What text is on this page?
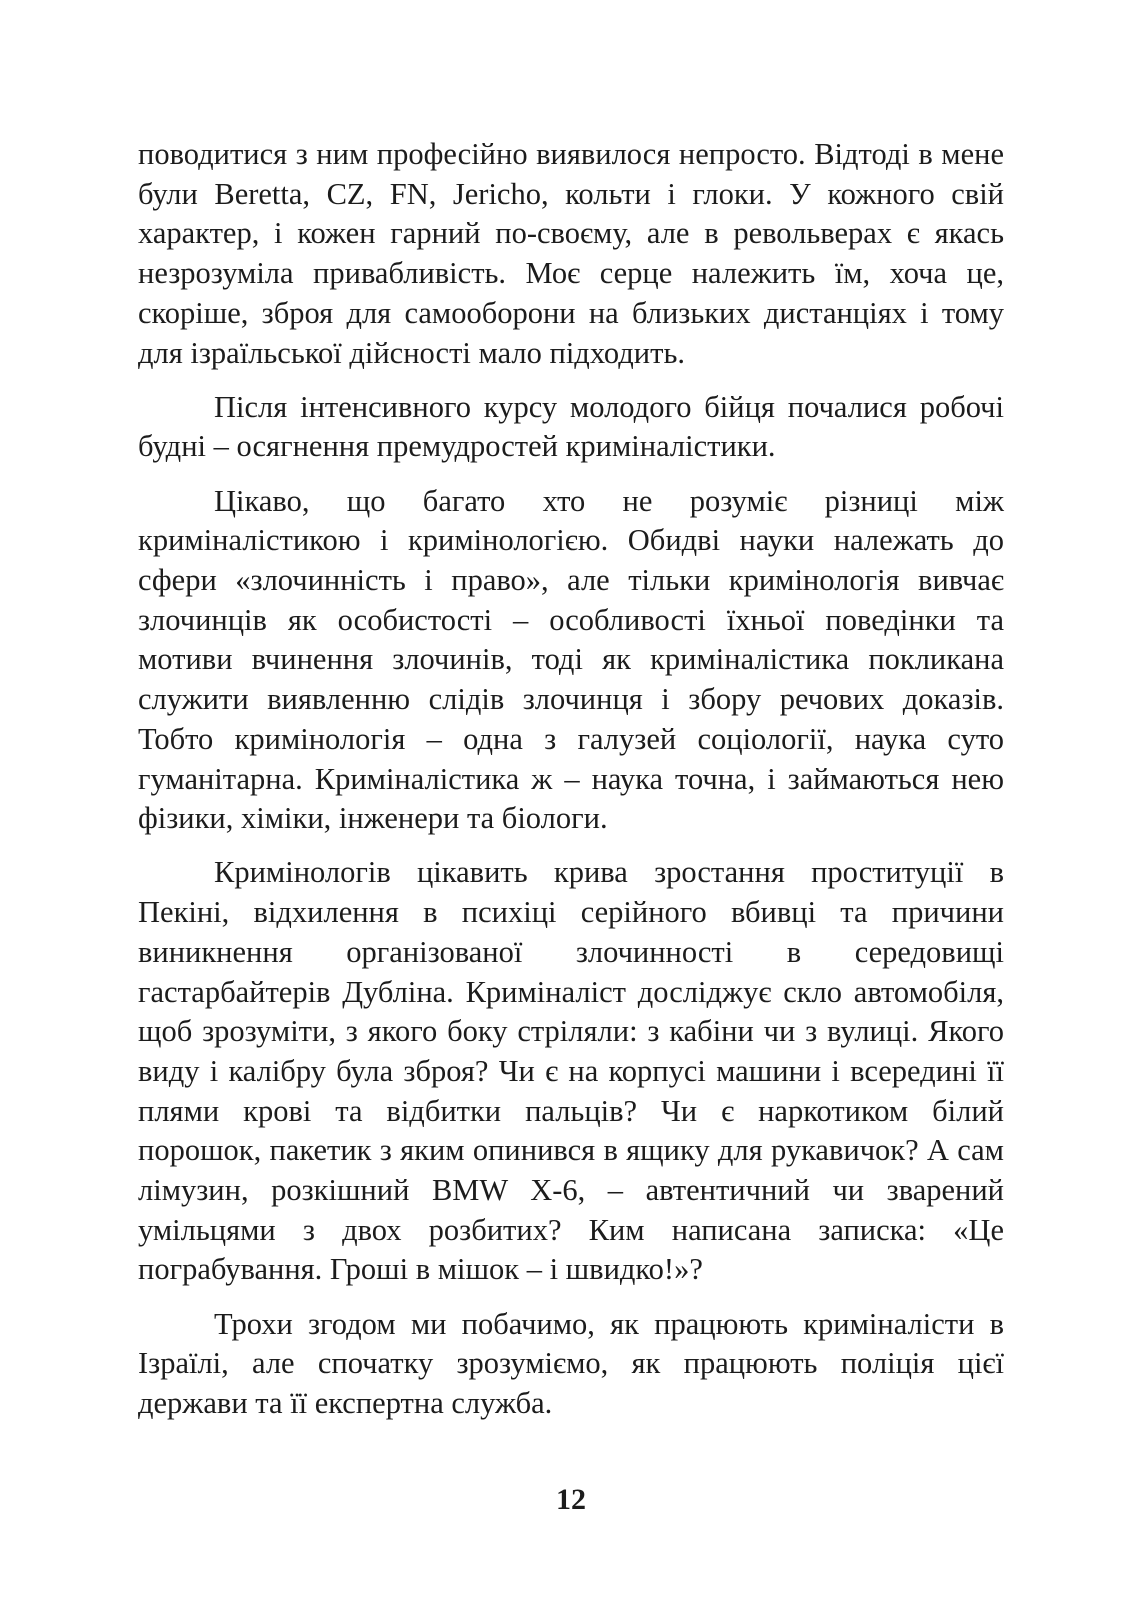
поводитися з ним професійно виявилося непросто. Відтоді в мене були Beretta, CZ, FN, Jericho, кольти і глоки. У кожного свій характер, і кожен гарний по-своєму, але в револьверах є якась незрозуміла привабливість. Моє серце належить їм, хоча це, скоріше, зброя для самооборони на близьких дистанціях і тому для ізраїльської дійсності мало підходить.

Після інтенсивного курсу молодого бійця почалися робочі будні – осягнення премудростей криміналістики.

Цікаво, що багато хто не розуміє різниці між криміналістикою і кримінологією. Обидві науки належать до сфери «злочинність і право», але тільки кримінологія вивчає злочинців як особистості – особливості їхньої поведінки та мотиви вчинення злочинів, тоді як криміналістика покликана служити виявленню слідів злочинця і збору речових доказів. Тобто кримінологія – одна з галузей соціології, наука суто гуманітарна. Криміналістика ж – наука точна, і займаються нею фізики, хіміки, інженери та біологи.

Кримінологів цікавить крива зростання проституції в Пекіні, відхилення в психіці серійного вбивці та причини виникнення організованої злочинності в середовищі гастарбайтерів Дубліна. Криміналіст досліджує скло автомобіля, щоб зрозуміти, з якого боку стріляли: з кабіни чи з вулиці. Якого виду і калібру була зброя? Чи є на корпусі машини і всередині її плями крові та відбитки пальців? Чи є наркотиком білий порошок, пакетик з яким опинився в ящику для рукавичок? А сам лімузин, розкішний BMW X-6, – автентичний чи зварений умільцями з двох розбитих? Ким написана записка: «Це пограбування. Гроші в мішок – і швидко!»?

Трохи згодом ми побачимо, як працюють криміналісти в Ізраїлі, але спочатку зрозуміємо, як працюють поліція цієї держави та її експертна служба.

12
